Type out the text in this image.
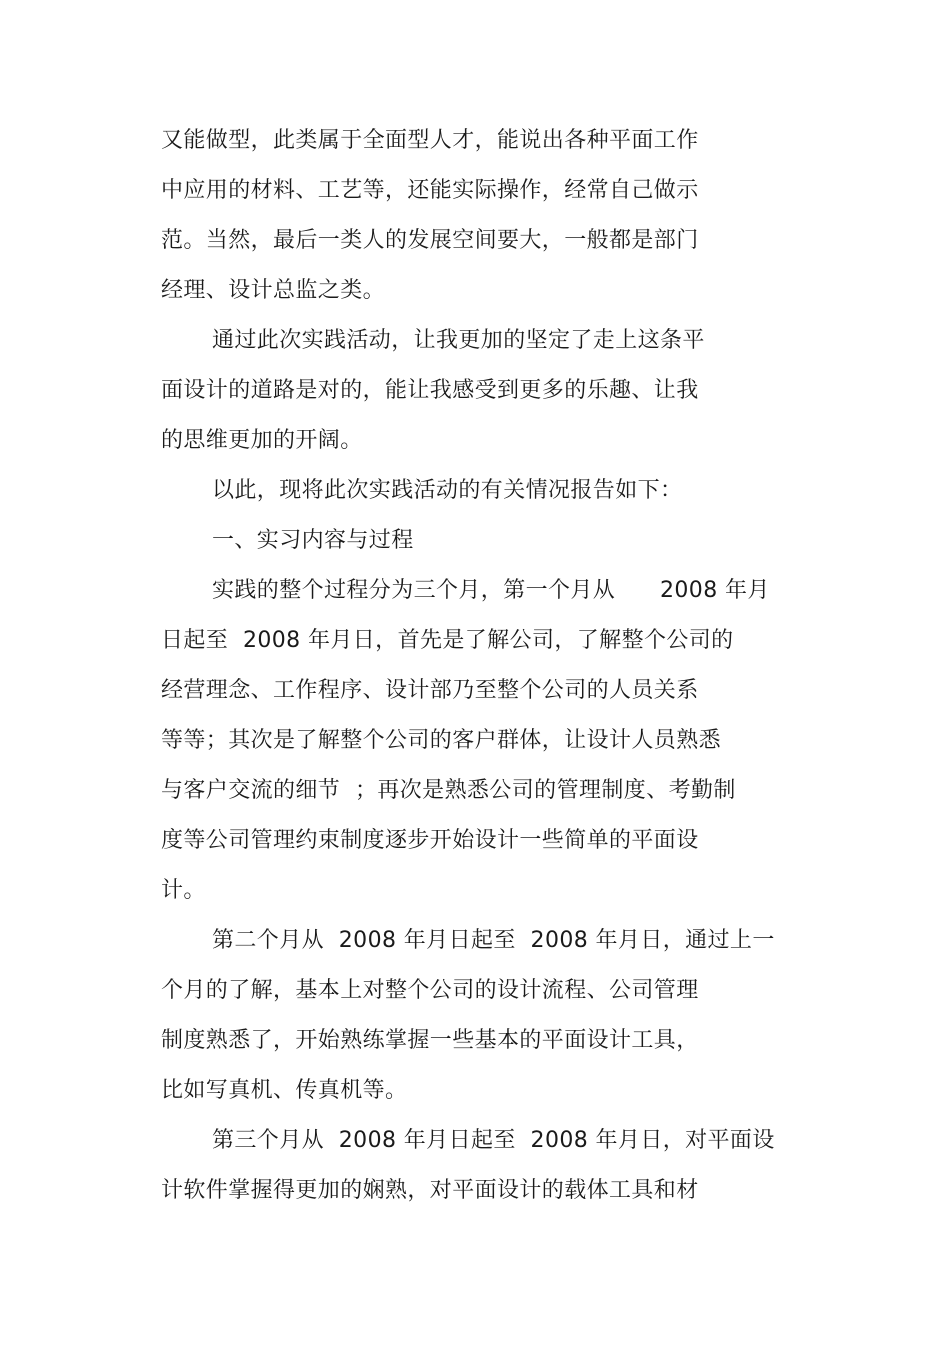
又能做型，此类属于全面型人才，能说出各种平面工作
中应用的材料、工艺等，还能实际操作，经常自己做示
范。当然，最后一类人的发展空间要大，一般都是部门
经理、设计总监之类。
通过此次实践活动，让我更加的坚定了走上这条平
面设计的道路是对的，能让我感受到更多的乐趣、让我
的思维更加的开阔。
以此，现将此次实践活动的有关情况报告如下：
一、实习内容与过程
实践的整个过程分为三个月，第一个月从　　2008 年月
日起至  2008 年月日，首先是了解公司，了解整个公司的
经营理念、工作程序、设计部乃至整个公司的人员关系
等等；其次是了解整个公司的客户群体，让设计人员熟悉
与客户交流的细节  ；再次是熟悉公司的管理制度、考勤制
度等公司管理约束制度逐步开始设计一些简单的平面设
计。
第二个月从  2008 年月日起至  2008 年月日，通过上一
个月的了解，基本上对整个公司的设计流程、公司管理
制度熟悉了，开始熟练掌握一些基本的平面设计工具，
比如写真机、传真机等。
第三个月从  2008 年月日起至  2008 年月日，对平面设
计软件掌握得更加的娴熟，对平面设计的载体工具和材
